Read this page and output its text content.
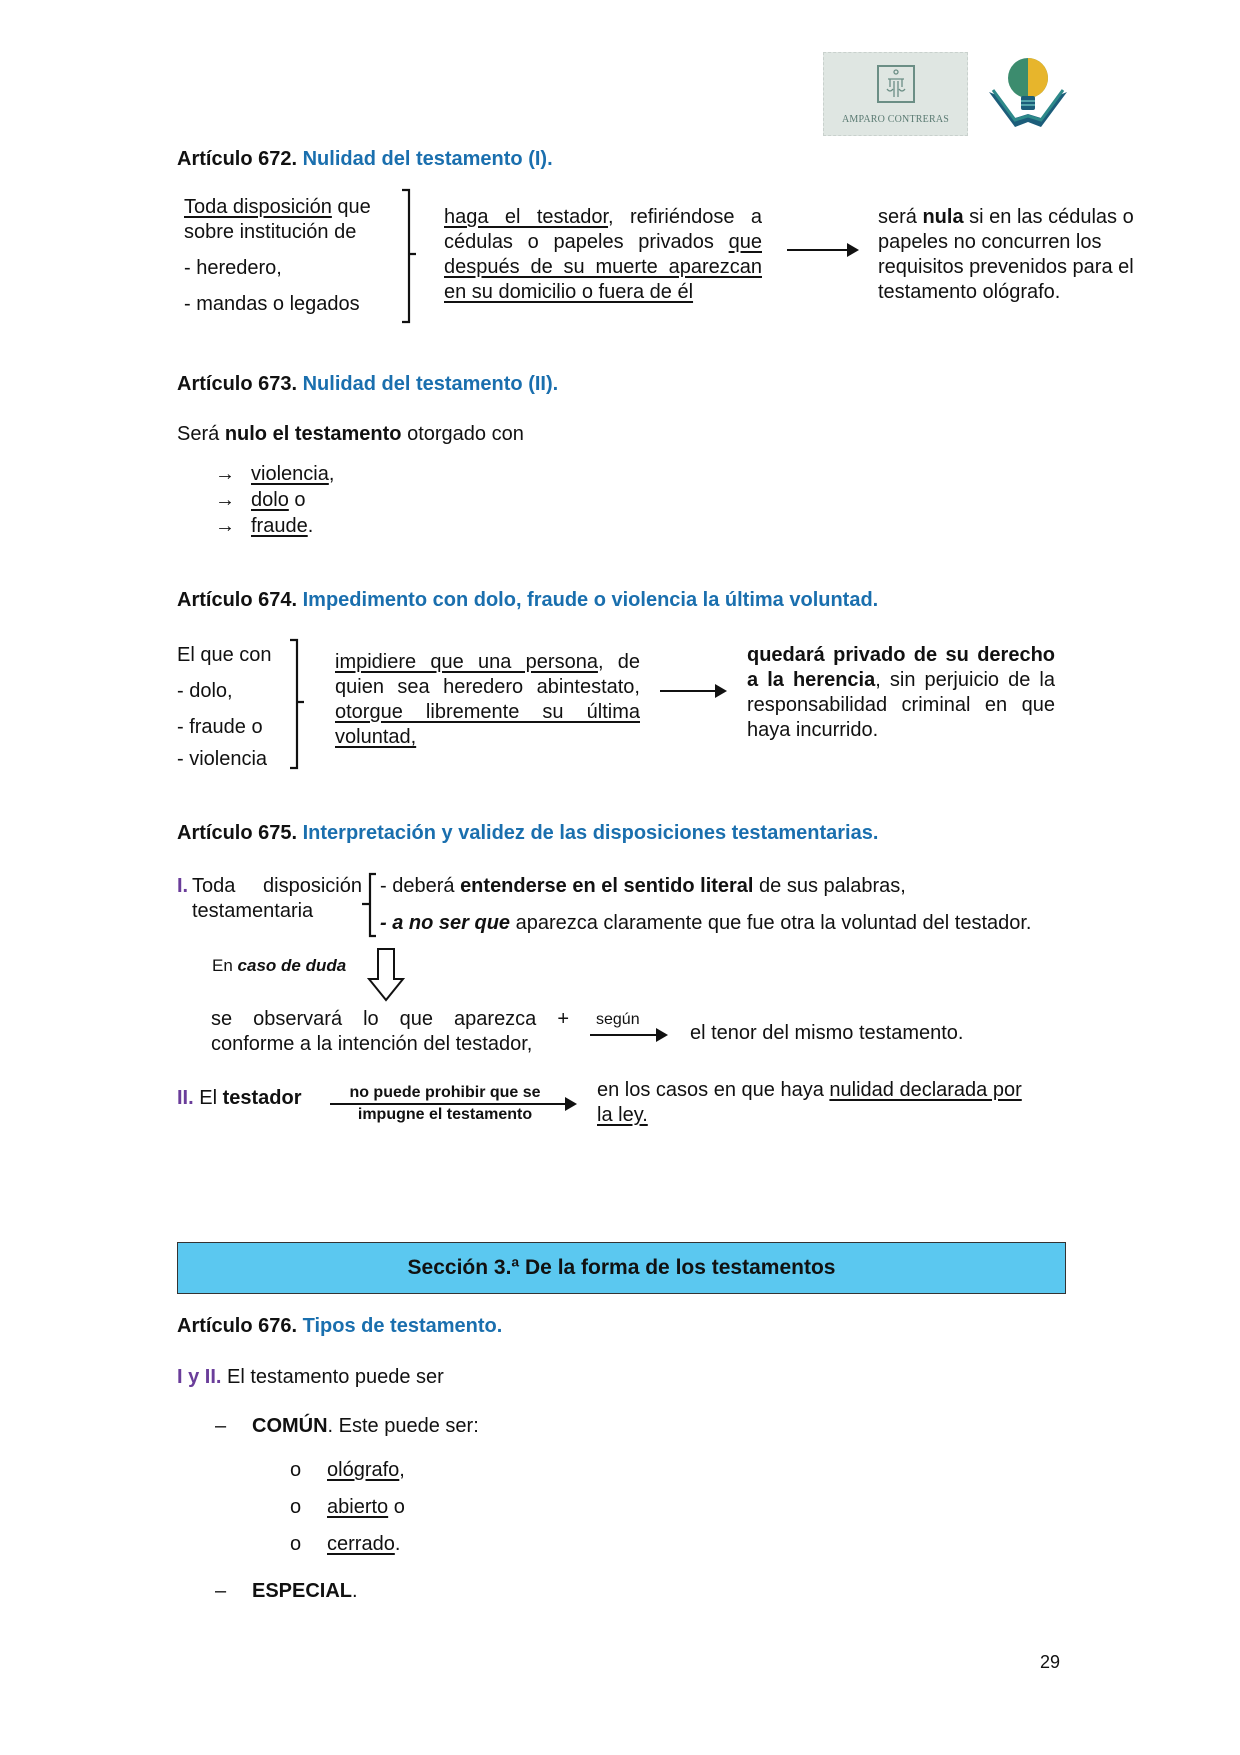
AMPARO CONTRERAS
Artículo 672. Nulidad del testamento (I).
Toda disposición que
sobre institución de
- heredero,
- mandas o legados
haga el testador, refiriéndose a cédulas o papeles privados que después de su muerte aparezcan en su domicilio o fuera de él
será nula si en las cédulas o papeles no concurren los requisitos prevenidos para el testamento ológrafo.
Artículo 673. Nulidad del testamento (II).
Será nulo el testamento otorgado con
→ violencia,
→ dolo o
→ fraude.
Artículo 674. Impedimento con dolo, fraude o violencia la última voluntad.
El que con
- dolo,
- fraude o
- violencia
impidiere que una persona, de quien sea heredero abintestato, otorgue libremente su última voluntad,
quedará privado de su derecho a la herencia, sin perjuicio de la responsabilidad criminal en que haya incurrido.
Artículo 675. Interpretación y validez de las disposiciones testamentarias.
I. Toda disposición testamentaria
- deberá entenderse en el sentido literal de sus palabras,
- a no ser que aparezca claramente que fue otra la voluntad del testador.
En caso de duda
se observará lo que aparezca + conforme a la intención del testador,
según
el tenor del mismo testamento.
II. El testador	no puede prohibir que se
impugne el testamento
en los casos en que haya nulidad declarada por
la ley.
Sección 3.ª De la forma de los testamentos
Artículo 676. Tipos de testamento.
I y II. El testamento puede ser
– COMÚN. Este puede ser:
o ológrafo,
o abierto o
o cerrado.
– ESPECIAL.
29
